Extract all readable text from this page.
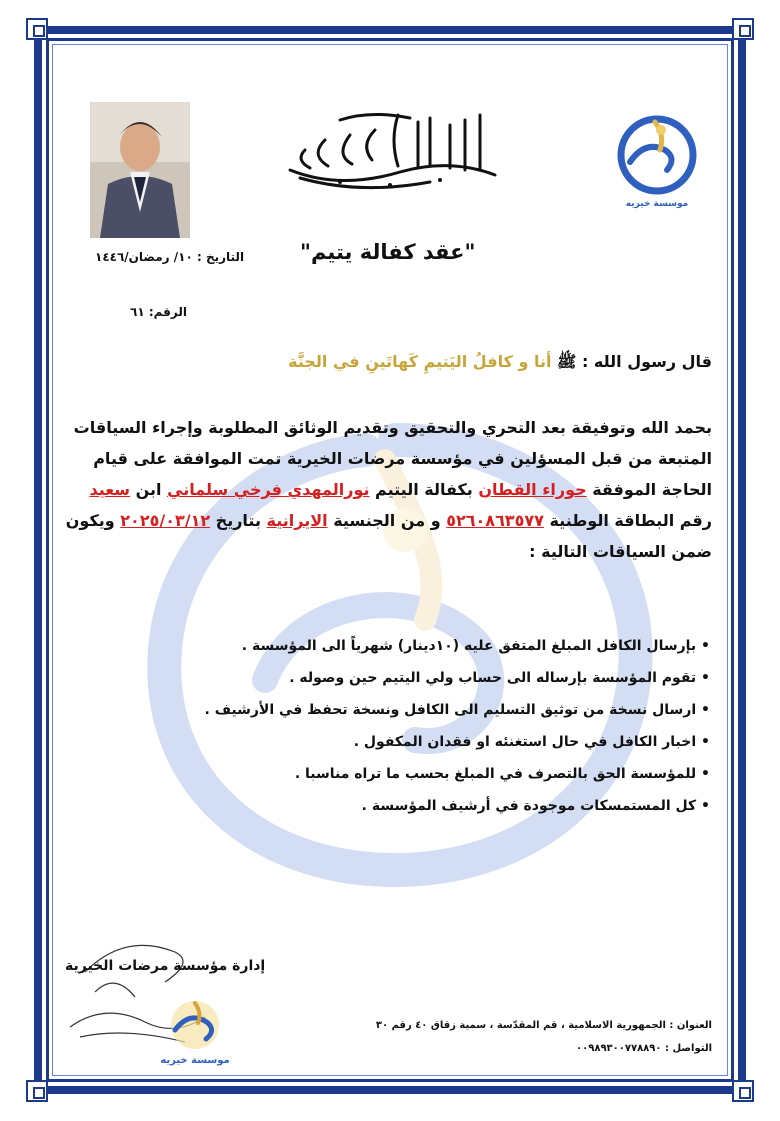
موسسة خيريه
"عقد كفالة يتيم"
التاريخ : ١٠/ رمضان/١٤٤٦
الرقم: ٦١
قال رسول الله : ﷺ أنا و كافلُ اليَتيمِ كَهاتَينِ في الجنَّة
بحمد الله وتوفيقة بعد التحري والتحقيق وتقديم الوثائق المطلوبة وإجراء السياقات المتبعة من قبل المسؤلين في مؤسسة مرضات الخيرية تمت الموافقة على قيام الحاجة الموفقة حوراء القطان بكفالة اليتيم نورالمهدي فرخي سلماني ابن سعيد رقم البطاقة الوطنية ٥٢٦٠٨٦٣٥٧٧ و من الجنسية الايرانية بتاريخ ٢٠٢٥/٠٣/١٢ ويكون ضمن السياقات التالية :
• بإرسال الكافل المبلغ المتفق عليه (١٠دينار) شهرياً الى المؤسسة .
• تقوم المؤسسة بإرساله الى حساب ولي اليتيم حين وصوله .
• ارسال نسخة من توثيق التسليم الى الكافل ونسخة تحفظ في الأرشيف .
• اخبار الكافل في حال استغنئه او فقدان المكفول .
• للمؤسسة الحق بالتصرف في المبلغ بحسب ما تراه مناسبا .
• كل المستمسكات موجودة في أرشيف المؤسسة .
إدارة مؤسسة مرضات الخيرية
موسسة خيريه
العنوان : الجمهورية الاسلامية ، قم المقدّسة ، سمية زقاق ٤٠ رقم ٣٠
التواصل : ٠٠٩٨٩٣٠٠٧٧٨٨٩٠
